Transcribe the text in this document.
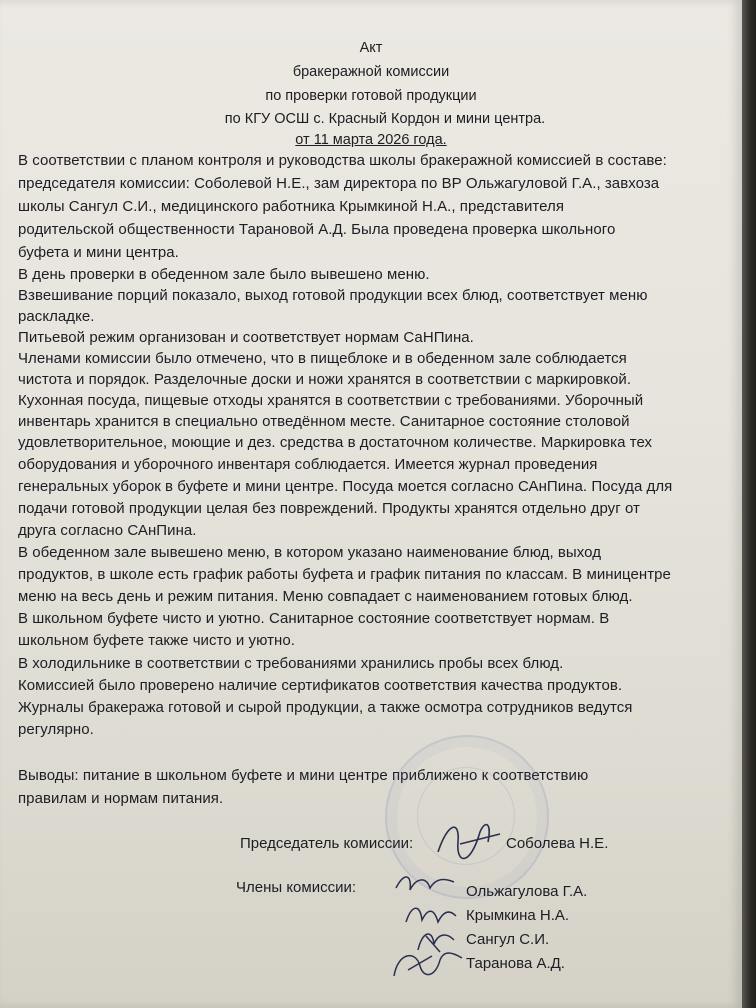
Акт
бракеражной комиссии
по проверки готовой продукции
по КГУ ОСШ с. Красный Кордон и мини центра.
от 11 марта 2026 года.
В соответствии с планом контроля и руководства школы бракеражной комиссией в составе:
председателя комиссии: Соболевой Н.Е., зам директора по ВР Ольжагуловой Г.А., завхоза
школы Сангул С.И., медицинского работника Крымкиной Н.А., представителя
родительской общественности Тарановой А.Д. Была проведена проверка школьного
буфета и мини центра.
В день проверки в обеденном зале было вывешено меню.
Взвешивание порций показало, выход готовой продукции всех блюд, соответствует меню
раскладке.
Питьевой режим организован и соответствует нормам СаНПина.
Членами комиссии было отмечено, что в пищеблоке и в обеденном зале соблюдается
чистота и порядок. Разделочные доски и ножи хранятся в соответствии с маркировкой.
Кухонная посуда, пищевые отходы хранятся в соответствии с требованиями. Уборочный
инвентарь хранится в специально отведённом месте. Санитарное состояние столовой
удовлетворительное, моющие и дез. средства в достаточном количестве. Маркировка тех
оборудования и уборочного инвентаря соблюдается. Имеется журнал проведения
генеральных уборок в буфете и мини центре. Посуда моется согласно САнПина. Посуда для
подачи готовой продукции целая без повреждений. Продукты хранятся отдельно друг от
друга согласно САнПина.
В обеденном зале вывешено меню, в котором указано наименование блюд, выход
продуктов, в школе есть график работы буфета и график питания по классам. В миницентре
меню на весь день и режим питания. Меню совпадает с наименованием готовых блюд.
В школьном буфете чисто и уютно. Санитарное состояние соответствует нормам. В
школьном буфете также чисто и уютно.
В холодильнике в соответствии с требованиями хранились пробы всех блюд.
Комиссией было проверено наличие сертификатов соответствия качества продуктов.
Журналы бракеража готовой и сырой продукции, а также осмотра сотрудников ведутся
регулярно.
Выводы: питание в школьном буфете и мини центре приближено к соответствию
правилам и нормам питания.
Председатель комиссии:	Соболева Н.Е.
Члены комиссии:	Ольжагулова Г.А.
Крымкина Н.А.
Сангул С.И.
Таранова А.Д.
